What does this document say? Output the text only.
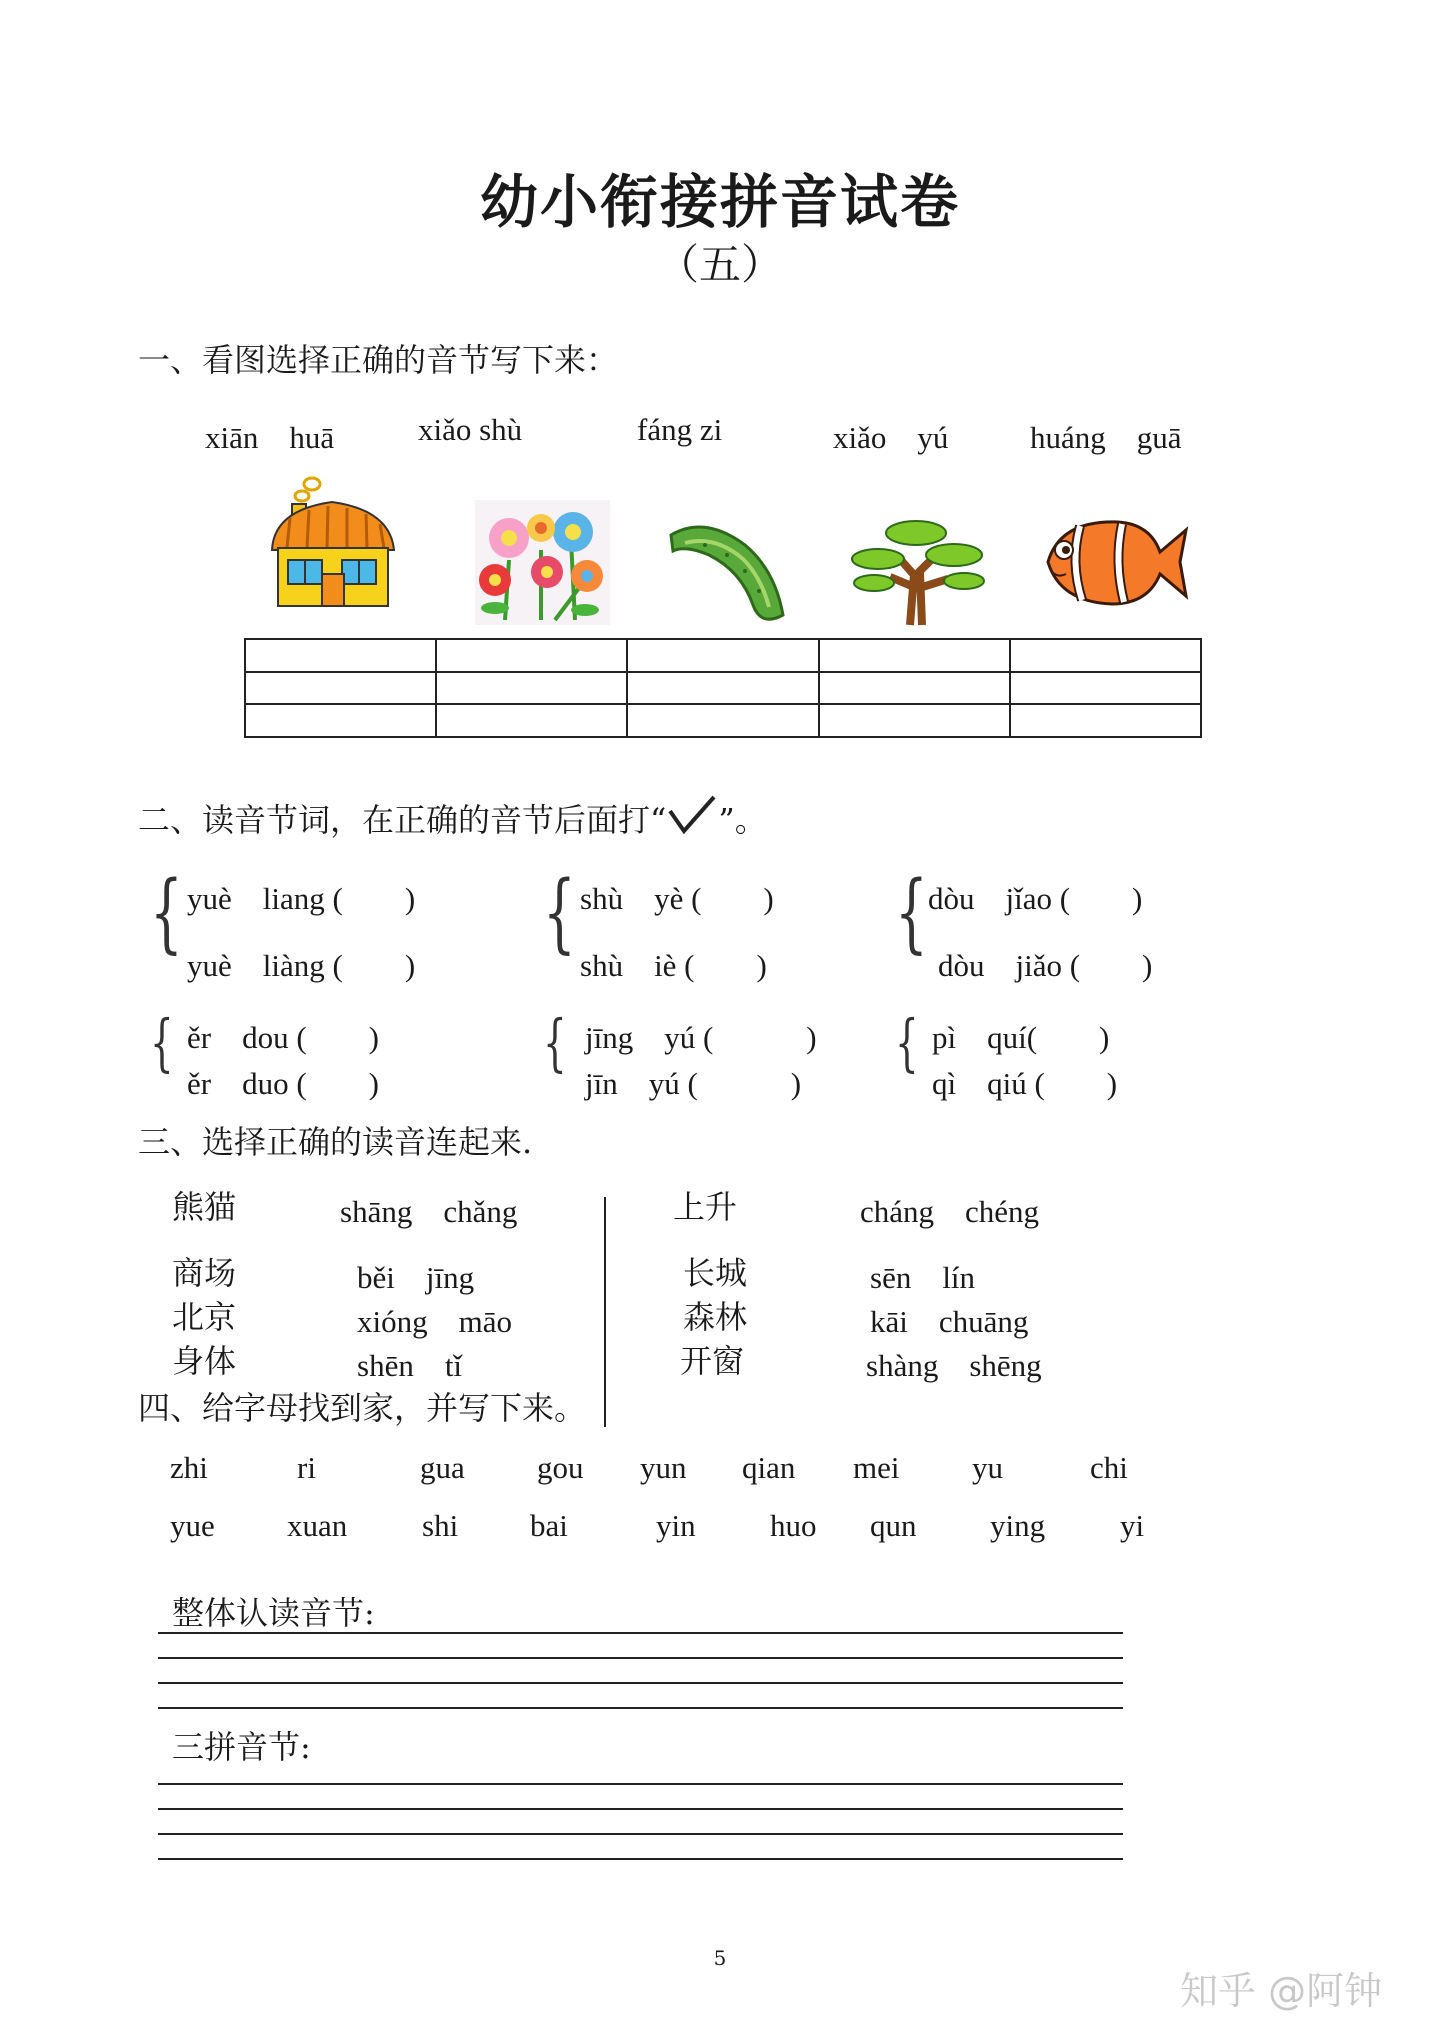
幼小衔接拼音试卷
（五）
一、看图选择正确的音节写下来：
xiān　huā	xiǎo shù	fáng zi	xiǎo　yú	huáng　guā

二、读音节词，在正确的音节后面打“ ”。
{ yuè　liang (　　)
yuè　liàng (　　)
{ shù　yè (　　)
shù　iè (　　)
{ dòu　jǐao (　　)
dòu　jiǎo (　　)
{ ěr　dou (　　)
ěr　duo (　　)
{ jīng　yú (　　　)
jīn　yú (　　　)
{ pì　quí(　　)
qì　qiú (　　)
三、选择正确的读音连起来.
熊猫
商场
北京
身体
shāng　chǎng
běi　jīng
xióng　māo
shēn　tǐ
上升
长城
森林
开窗
cháng　chéng
sēn　lín
kāi　chuāng
shàng　shēng
四、给字母找到家，并写下来。
zhi	ri	gua gou yun qian mei yu	chi
yue xuan shi bai	yin huo qun ying yi
整体认读音节:
三拼音节:
5
知乎 @阿钟
